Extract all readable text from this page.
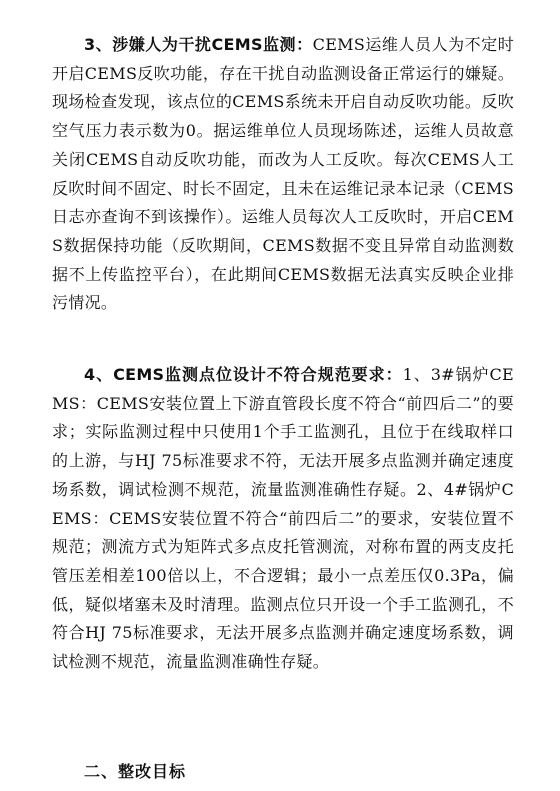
3、涉嫌人为干扰CEMS监测：CEMS运维人员人为不定时开启CEMS反吹功能，存在干扰自动监测设备正常运行的嫌疑。现场检查发现，该点位的CEMS系统未开启自动反吹功能。反吹空气压力表示数为0。据运维单位人员现场陈述，运维人员故意关闭CEMS自动反吹功能，而改为人工反吹。每次CEMS人工反吹时间不固定、时长不固定，且未在运维记录本记录（CEMS日志亦查询不到该操作）。运维人员每次人工反吹时，开启CEMS数据保持功能（反吹期间，CEMS数据不变且异常自动监测数据不上传监控平台），在此期间CEMS数据无法真实反映企业排污情况。

4、CEMS监测点位设计不符合规范要求：1、3#锅炉CEMS：CEMS安装位置上下游直管段长度不符合“前四后二”的要求；实际监测过程中只使用1个手工监测孔，且位于在线取样口的上游，与HJ 75标准要求不符，无法开展多点监测并确定速度场系数，调试检测不规范，流量监测准确性存疑。2、4#锅炉CEMS：CEMS安装位置不符合“前四后二”的要求，安装位置不规范；测流方式为矩阵式多点皮托管测流，对称布置的两支皮托管压差相差100倍以上，不合逻辑；最小一点差压仅0.3Pa，偏低，疑似堵塞未及时清理。监测点位只开设一个手工监测孔，不符合HJ 75标准要求，无法开展多点监测并确定速度场系数，调试检测不规范，流量监测准确性存疑。

二、整改目标
